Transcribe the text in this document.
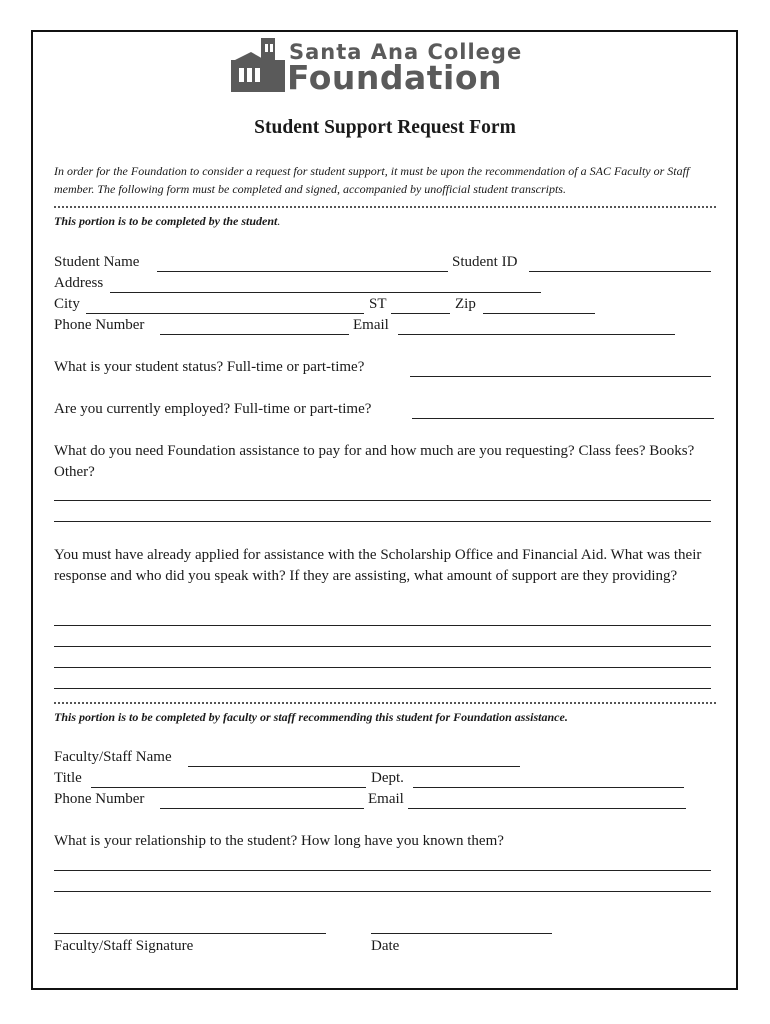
Santa Ana College
Foundation
Student Support Request Form
In order for the Foundation to consider a request for student support, it must be upon the recommendation of a SAC Faculty or Staff member. The following form must be completed and signed, accompanied by unofficial student transcripts.
This portion is to be completed by the student.
Student Name	Student ID
Address
City	ST	Zip
Phone Number	Email
What is your student status? Full-time or part-time?
Are you currently employed? Full-time or part-time?
What do you need Foundation assistance to pay for and how much are you requesting? Class fees? Books? Other?
You must have already applied for assistance with the Scholarship Office and Financial Aid. What was their response and who did you speak with? If they are assisting, what amount of support are they providing?
This portion is to be completed by faculty or staff recommending this student for Foundation assistance.
Faculty/Staff Name
Title	Dept.
Phone Number	Email
What is your relationship to the student? How long have you known them?
Faculty/Staff Signature	Date
